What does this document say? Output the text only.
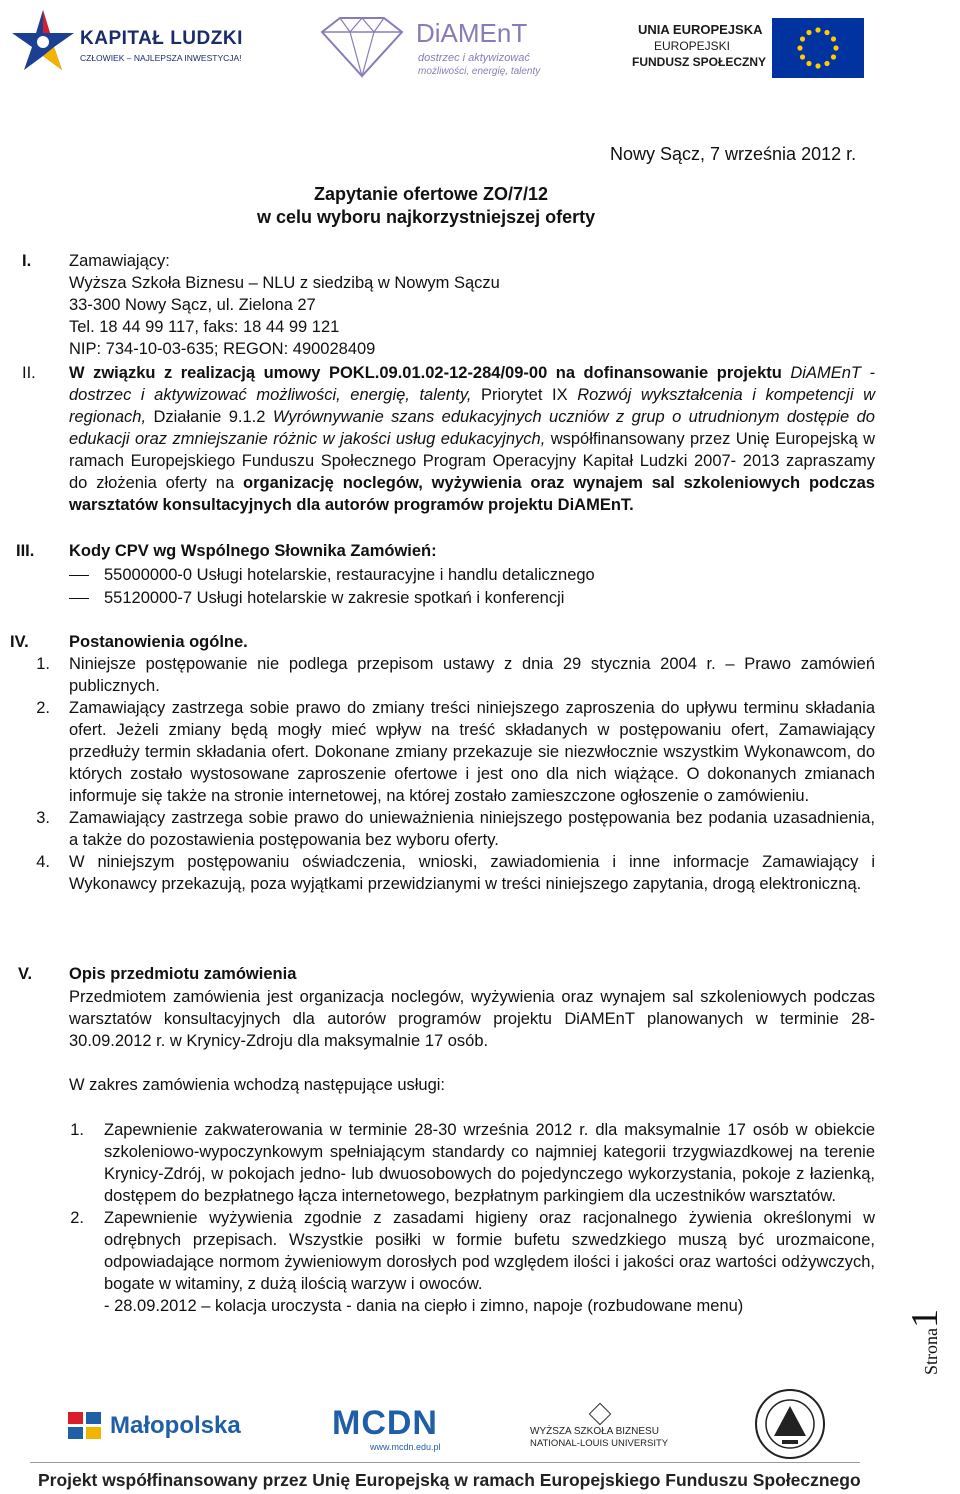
KAPITAŁ LUDZKI
CZŁOWIEK – NAJLEPSZA INWESTYCJA!
DiAMEnT
dostrzec i aktywizować
możliwości, energię, talenty
UNIA EUROPEJSKA
EUROPEJSKI
FUNDUSZ SPOŁECZNY
Nowy Sącz, 7 września 2012 r.
Zapytanie ofertowe ZO/7/12
w celu wyboru najkorzystniejszej oferty
I. Zamawiający:
Wyższa Szkoła Biznesu – NLU z siedzibą w Nowym Sączu
33-300 Nowy Sącz, ul. Zielona 27
Tel. 18 44 99 117, faks: 18 44 99 121
NIP: 734-10-03-635; REGON: 490028409
II. W związku z realizacją umowy POKL.09.01.02-12-284/09-00 na dofinansowanie projektu DiAMEnT - dostrzec i aktywizować możliwości, energię, talenty, Priorytet IX Rozwój wykształcenia i kompetencji w regionach, Działanie 9.1.2 Wyrównywanie szans edukacyjnych uczniów z grup o utrudnionym dostępie do edukacji oraz zmniejszanie różnic w jakości usług edukacyjnych, współfinansowany przez Unię Europejską w ramach Europejskiego Funduszu Społecznego Program Operacyjny Kapitał Ludzki 2007- 2013 zapraszamy do złożenia oferty na organizację noclegów, wyżywienia oraz wynajem sal szkoleniowych podczas warsztatów konsultacyjnych dla autorów programów projektu DiAMEnT.
III. Kody CPV wg Wspólnego Słownika Zamówień:
55000000-0 Usługi hotelarskie, restauracyjne i handlu detalicznego
55120000-7 Usługi hotelarskie w zakresie spotkań i konferencji
IV. Postanowienia ogólne.
1. Niniejsze postępowanie nie podlega przepisom ustawy z dnia 29 stycznia 2004 r. – Prawo zamówień publicznych.
2. Zamawiający zastrzega sobie prawo do zmiany treści niniejszego zaproszenia do upływu terminu składania ofert. Jeżeli zmiany będą mogły mieć wpływ na treść składanych w postępowaniu ofert, Zamawiający przedłuży termin składania ofert. Dokonane zmiany przekazuje sie niezwłocznie wszystkim Wykonawcom, do których zostało wystosowane zaproszenie ofertowe i jest ono dla nich wiążące. O dokonanych zmianach informuje się także na stronie internetowej, na której zostało zamieszczone ogłoszenie o zamówieniu.
3. Zamawiający zastrzega sobie prawo do unieważnienia niniejszego postępowania bez podania uzasadnienia, a także do pozostawienia postępowania bez wyboru oferty.
4. W niniejszym postępowaniu oświadczenia, wnioski, zawiadomienia i inne informacje Zamawiający i Wykonawcy przekazują, poza wyjątkami przewidzianymi w treści niniejszego zapytania, drogą elektroniczną.
V. Opis przedmiotu zamówienia
Przedmiotem zamówienia jest organizacja noclegów, wyżywienia oraz wynajem sal szkoleniowych podczas warsztatów konsultacyjnych dla autorów programów projektu DiAMEnT planowanych w terminie 28-30.09.2012 r. w Krynicy-Zdroju dla maksymalnie 17 osób.
W zakres zamówienia wchodzą następujące usługi:
1. Zapewnienie zakwaterowania w terminie 28-30 września 2012 r. dla maksymalnie 17 osób w obiekcie szkoleniowo-wypoczynkowym spełniającym standardy co najmniej kategorii trzygwiazdkowej na terenie Krynicy-Zdrój, w pokojach jedno- lub dwuosobowych do pojedynczego wykorzystania, pokoje z łazienką, dostępem do bezpłatnego łącza internetowego, bezpłatnym parkingiem dla uczestników warsztatów.
2. Zapewnienie wyżywienia zgodnie z zasadami higieny oraz racjonalnego żywienia określonymi w odrębnych przepisach. Wszystkie posiłki w formie bufetu szwedzkiego muszą być urozmaicone, odpowiadające normom żywieniowym dorosłych pod względem ilości i jakości oraz wartości odżywczych, bogate w witaminy, z dużą ilością warzyw i owoców.
- 28.09.2012 – kolacja uroczysta - dania na ciepło i zimno, napoje (rozbudowane menu)
Strona1
Małopolska	MCDN
www.mcdn.edu.pl
WYŻSZA SZKOŁA BIZNESU
NATIONAL-LOUIS UNIVERSITY
Projekt współfinansowany przez Unię Europejską w ramach Europejskiego Funduszu Społecznego
